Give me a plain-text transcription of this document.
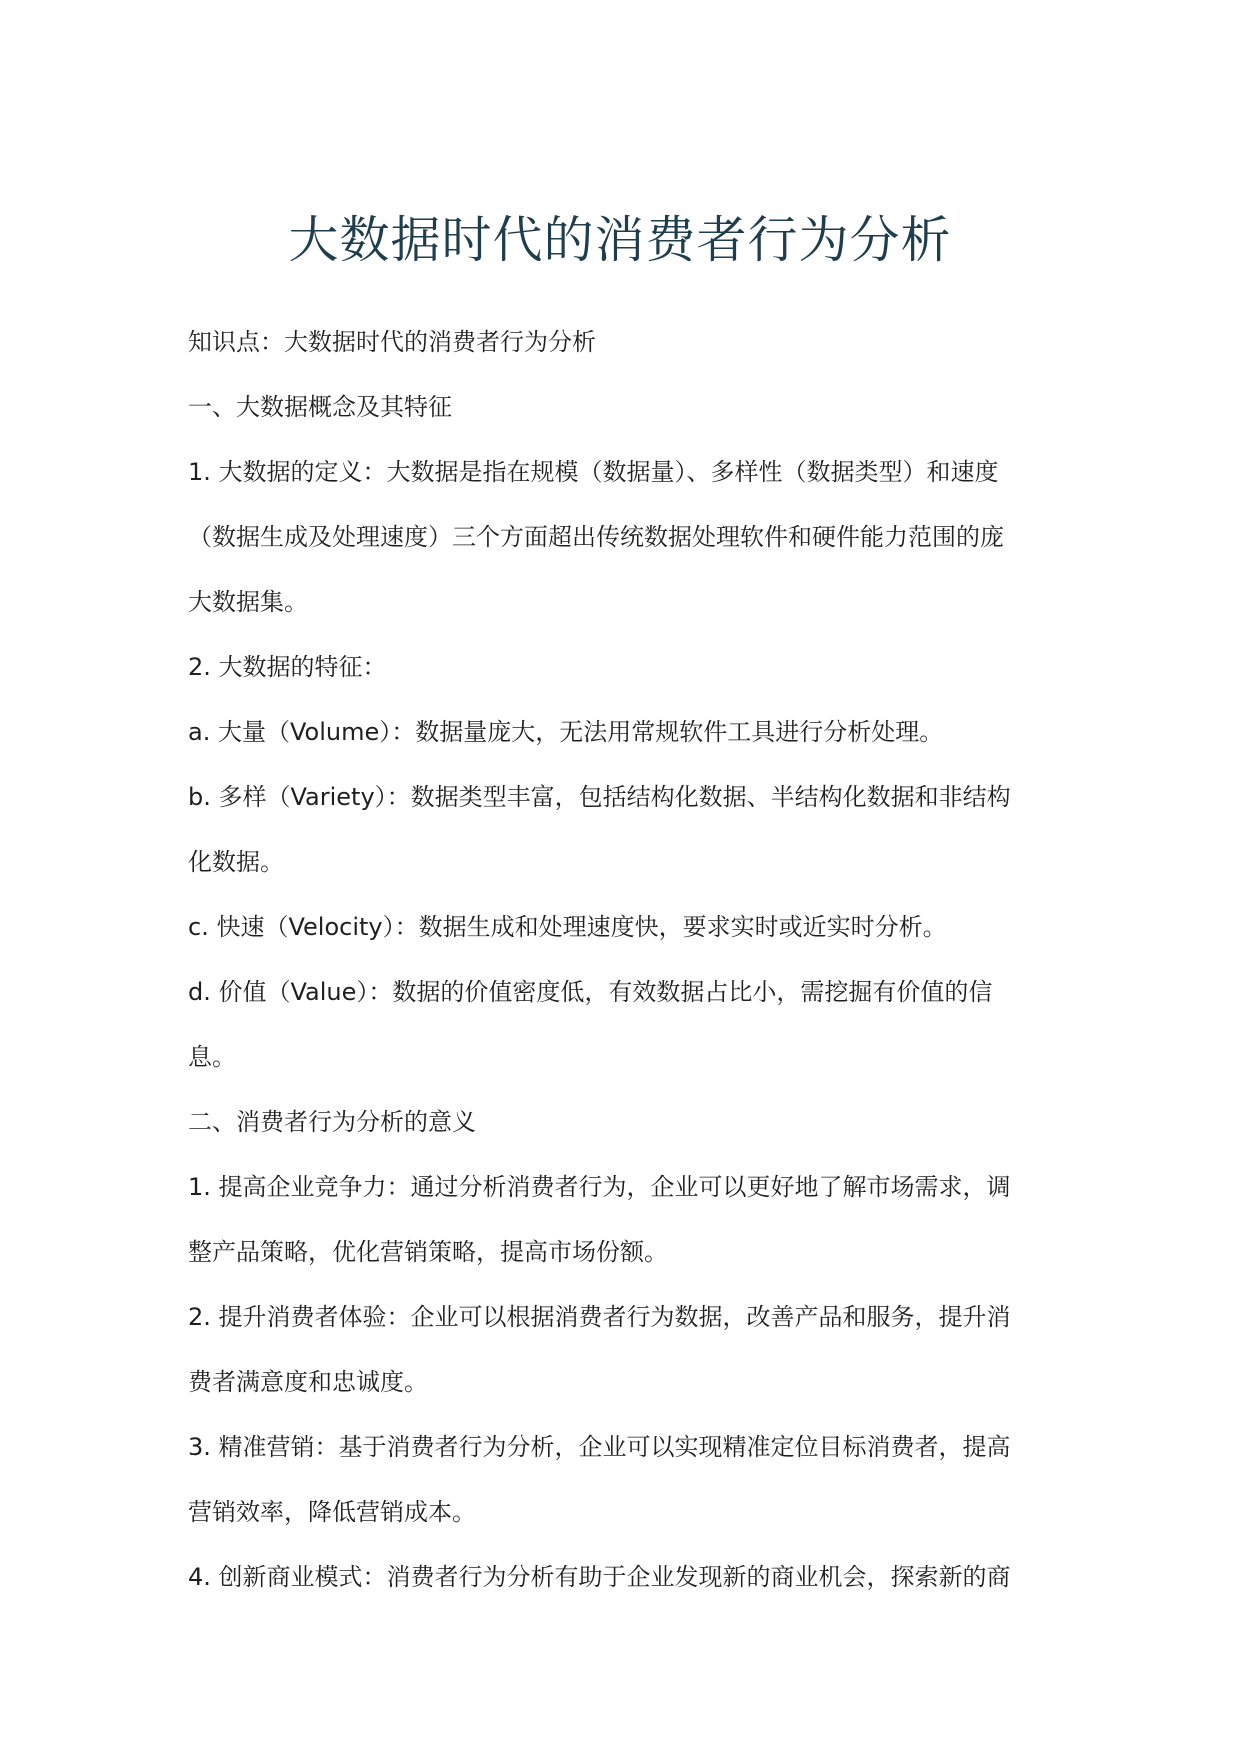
大数据时代的消费者行为分析

知识点：大数据时代的消费者行为分析

一、大数据概念及其特征

1. 大数据的定义：大数据是指在规模（数据量）、多样性（数据类型）和速度

（数据生成及处理速度）三个方面超出传统数据处理软件和硬件能力范围的庞

大数据集。

2. 大数据的特征：

a. 大量（Volume）：数据量庞大，无法用常规软件工具进行分析处理。

b. 多样（Variety）：数据类型丰富，包括结构化数据、半结构化数据和非结构

化数据。

c. 快速（Velocity）：数据生成和处理速度快，要求实时或近实时分析。

d. 价值（Value）：数据的价值密度低，有效数据占比小，需挖掘有价值的信

息。

二、消费者行为分析的意义

1. 提高企业竞争力：通过分析消费者行为，企业可以更好地了解市场需求，调

整产品策略，优化营销策略，提高市场份额。

2. 提升消费者体验：企业可以根据消费者行为数据，改善产品和服务，提升消

费者满意度和忠诚度。

3. 精准营销：基于消费者行为分析，企业可以实现精准定位目标消费者，提高

营销效率，降低营销成本。

4. 创新商业模式：消费者行为分析有助于企业发现新的商业机会，探索新的商
